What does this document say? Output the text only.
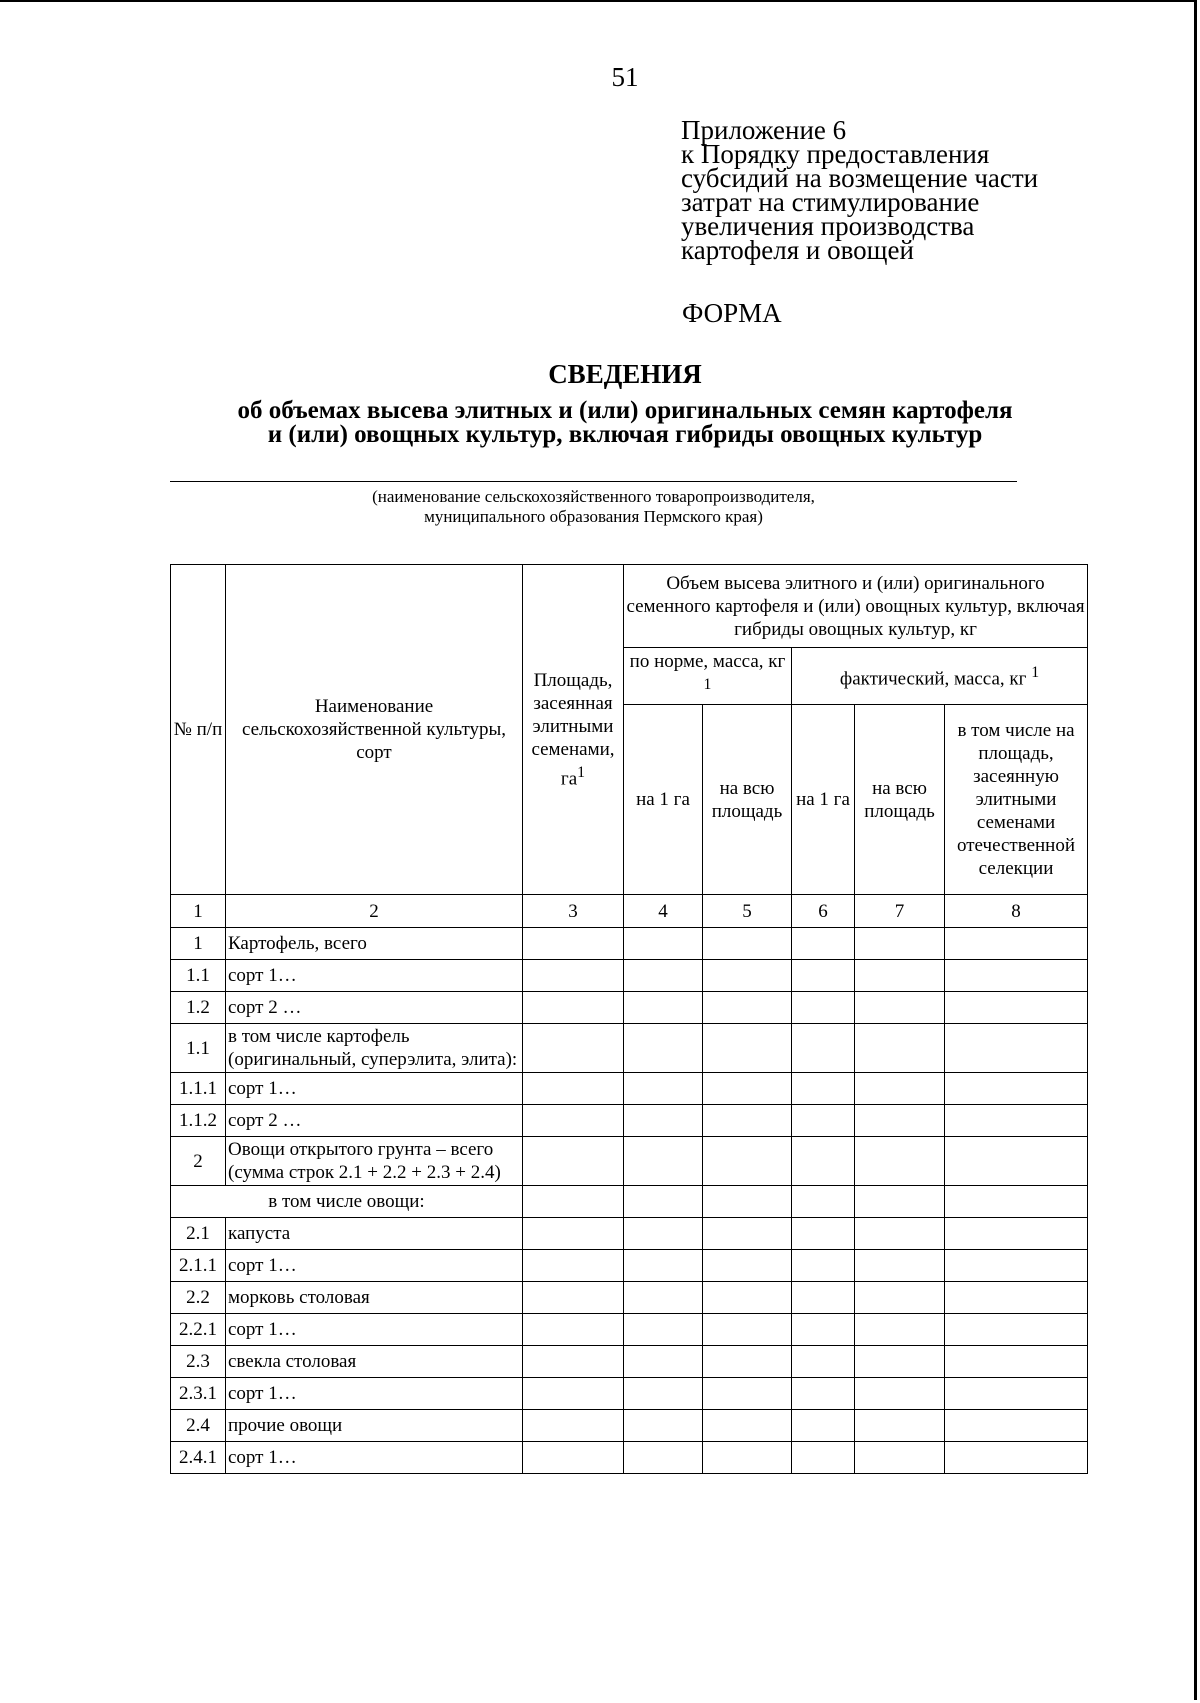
51
Приложение 6
к Порядку предоставления
субсидий на возмещение части
затрат на стимулирование
увеличения производства
картофеля и овощей
ФОРМА
СВЕДЕНИЯ
об объемах высева элитных и (или) оригинальных семян картофеля
и (или) овощных культур, включая гибриды овощных культур
(наименование сельскохозяйственного товаропроизводителя,
муниципального образования Пермского края)
№ п/п	Наименование сельскохозяйственной культуры, сорт	Площадь, засеянная элитными семенами, $га^1$	Объем высева элитного и (или) оригинального семенного картофеля и (или) овощных культур, включая гибриды овощных культур, кг				
			по норме, масса, кг $^1$		фактический, масса, кг $^1$
			на 1 га	на всю площадь	на 1 га	на всю площадь	в том числе на площадь, засеянную элитными семенами отечественной селекции
1	2	3	4	5	6	7	8
1	Картофель, всего						
1.1	сорт 1…						
1.2	сорт 2 …						
1.1	в том числе картофель (оригинальный, суперэлита, элита):						
1.1.1	сорт 1…						
1.1.2	сорт 2 …						
2	Овощи открытого грунта – всего (сумма строк 2.1 + 2.2 + 2.3 + 2.4)						
в том числе овощи:							
2.1	капуста						
2.1.1	сорт 1…						
2.2	морковь столовая						
2.2.1	сорт 1…						
2.3	свекла столовая						
2.3.1	сорт 1…						
2.4	прочие овощи						
2.4.1	сорт 1…						
